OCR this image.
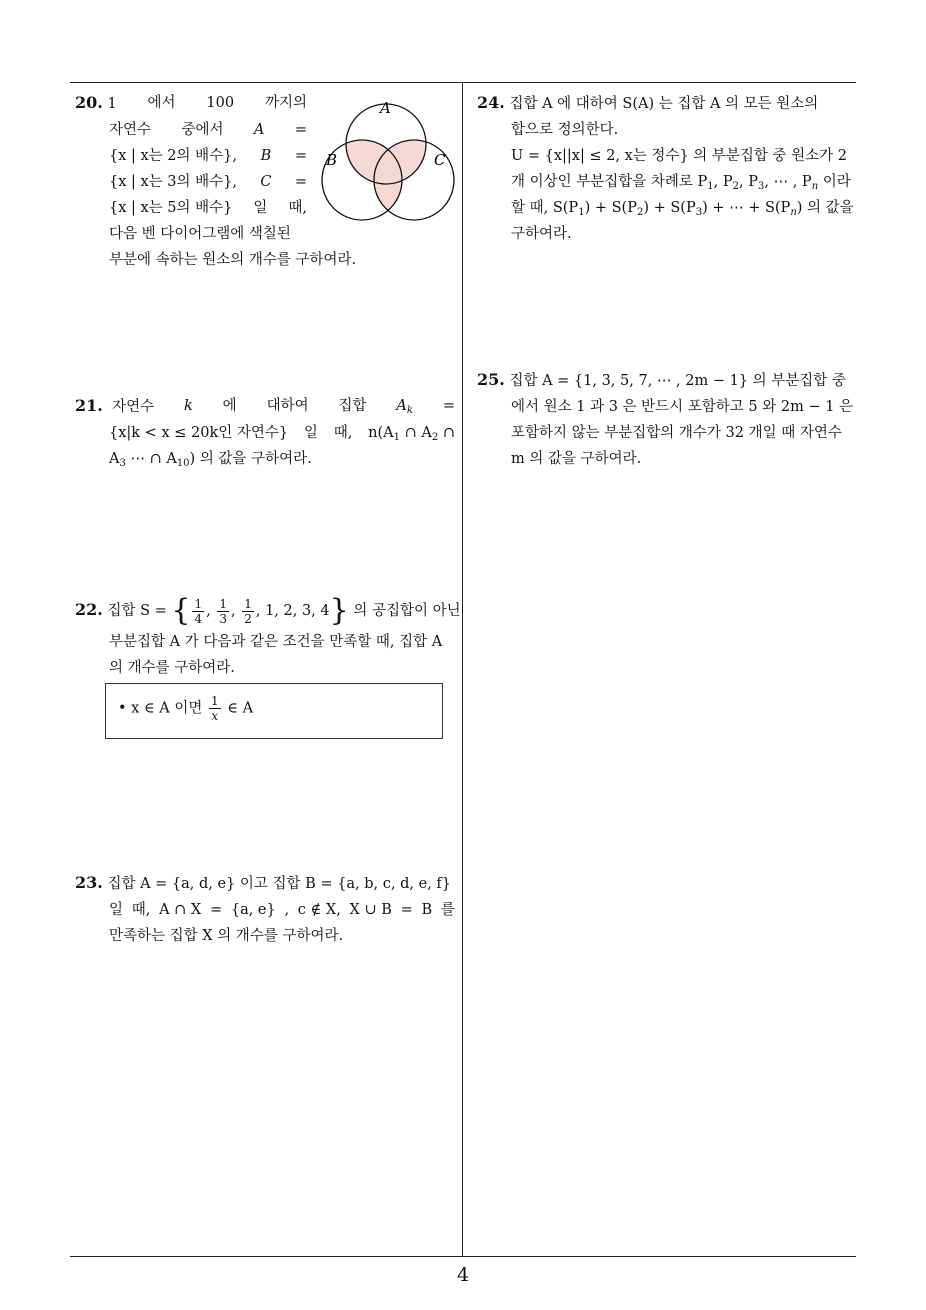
20. 1 에서 100 까지의
자연수 중에서 A =
{x | x는 2의 배수}, B =
{x | x는 3의 배수}, C =
{x | x는 5의 배수} 일 때,
다음 벤 다이어그램에 색칠된
부분에 속하는 원소의 개수를 구하여라.
A
B	C
21. 자연수 k 에 대하여 집합 $A_k$ =
{x|k < x ≤ 20k인 자연수} 일 때, $n(A_1$ ∩ $A_2$ ∩
$A_3$ ⋯ ∩ $A_{10}$) 의 값을 구하여라.
22. 집합 S = { $\frac{1}{4}$ , $\frac{1}{3}$ , $\frac{1}{2}$ , 1, 2, 3, 4} 의 공집합이 아닌
부분집합 A 가 다음과 같은 조건을 만족할 때, 집합 A
의 개수를 구하여라.
• x ∈ A 이면 $\frac{1}{x}$ ∈ A
23. 집합 A = {a, d, e} 이고 집합 B = {a, b, c, d, e, f}
일 때, A ∩ X = {a, e} , c ∉ X, X ∪ B = B 를
만족하는 집합 X 의 개수를 구하여라.
24. 집합 A 에 대하여 S(A) 는 집합 A 의 모든 원소의
합으로 정의한다.
U = {x||x| ≤ 2, x는 정수} 의 부분집합 중 원소가 2
개 이상인 부분집합을 차례로 $P_1$, $P_2$, $P_3$, ⋯ , $P_n$ 이라
할 때, $S(P_1) + S(P_2) + S(P_3)$ + ⋯ + $S(P_n)$ 의 값을
구하여라.
25. 집합 A = {1, 3, 5, 7, ⋯ , 2m − 1} 의 부분집합 중
에서 원소 1 과 3 은 반드시 포함하고 5 와 2m − 1 은
포함하지 않는 부분집합의 개수가 32 개일 때 자연수
m 의 값을 구하여라.
4
